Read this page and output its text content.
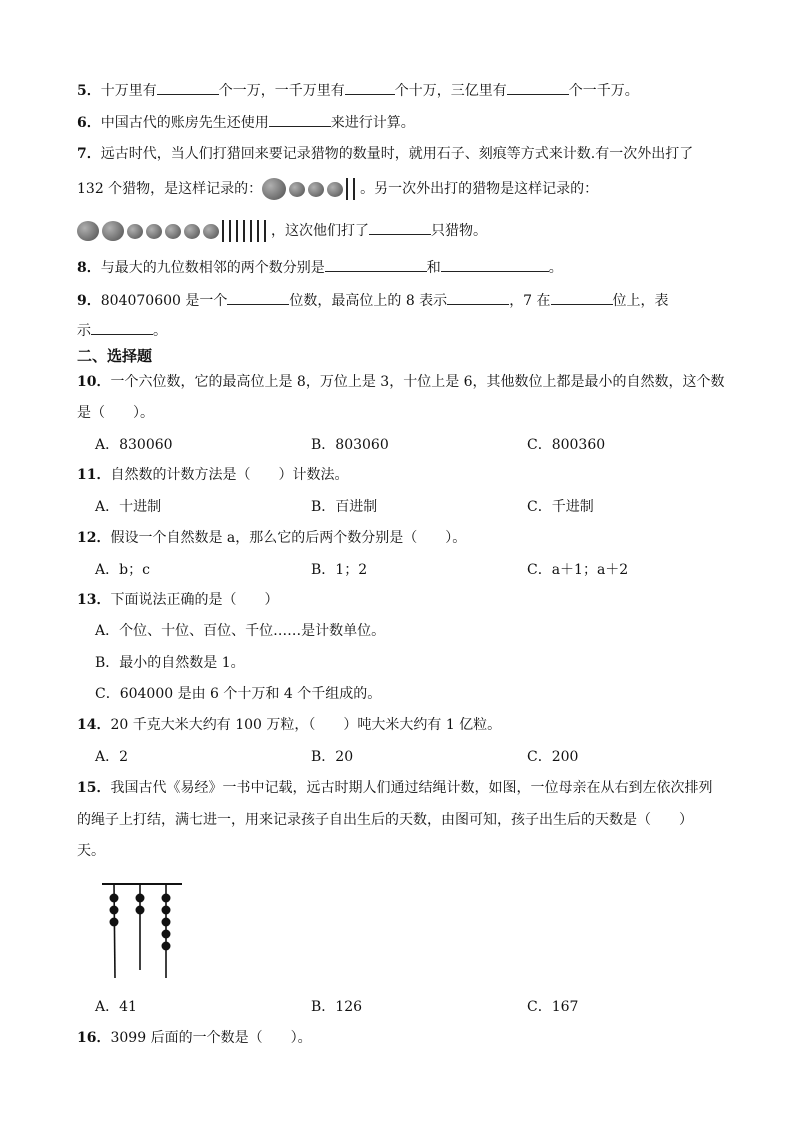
5．十万里有	个一万，一千万里有	个十万，三亿里有	个一千万。
6．中国古代的账房先生还使用	来进行计算。
7．远古时代，当人们打猎回来要记录猎物的数量时，就用石子、刻痕等方式来计数.有一次外出打了
132 个猎物，是这样记录的：	。另一次外出打的猎物是这样记录的：
，这次他们打了	只猎物。
8．与最大的九位数相邻的两个数分别是	和	。
9．804070600 是一个	位数，最高位上的 8 表示	，7 在	位上，表
示	。
二、选择题
10．一个六位数，它的最高位上是 8，万位上是 3，十位上是 6，其他数位上都是最小的自然数，这个数
是（　　）。
A．830060	B．803060	C．800360
11．自然数的计数方法是（　　）计数法。
A．十进制	B．百进制	C．千进制
12．假设一个自然数是 a，那么它的后两个数分别是（　　）。
A．b；c	B．1；2	C．a＋1；a＋2
13．下面说法正确的是（　　）
A．个位、十位、百位、千位……是计数单位。
B．最小的自然数是 1。
C．604000 是由 6 个十万和 4 个千组成的。
14．20 千克大米大约有 100 万粒，（　　）吨大米大约有 1 亿粒。
A．2	B．20	C．200
15．我国古代《易经》一书中记载，远古时期人们通过结绳计数，如图，一位母亲在从右到左依次排列
的绳子上打结，满七进一，用来记录孩子自出生后的天数，由图可知，孩子出生后的天数是（　　）
天。
A．41	B．126	C．167
16．3099 后面的一个数是（　　）。
